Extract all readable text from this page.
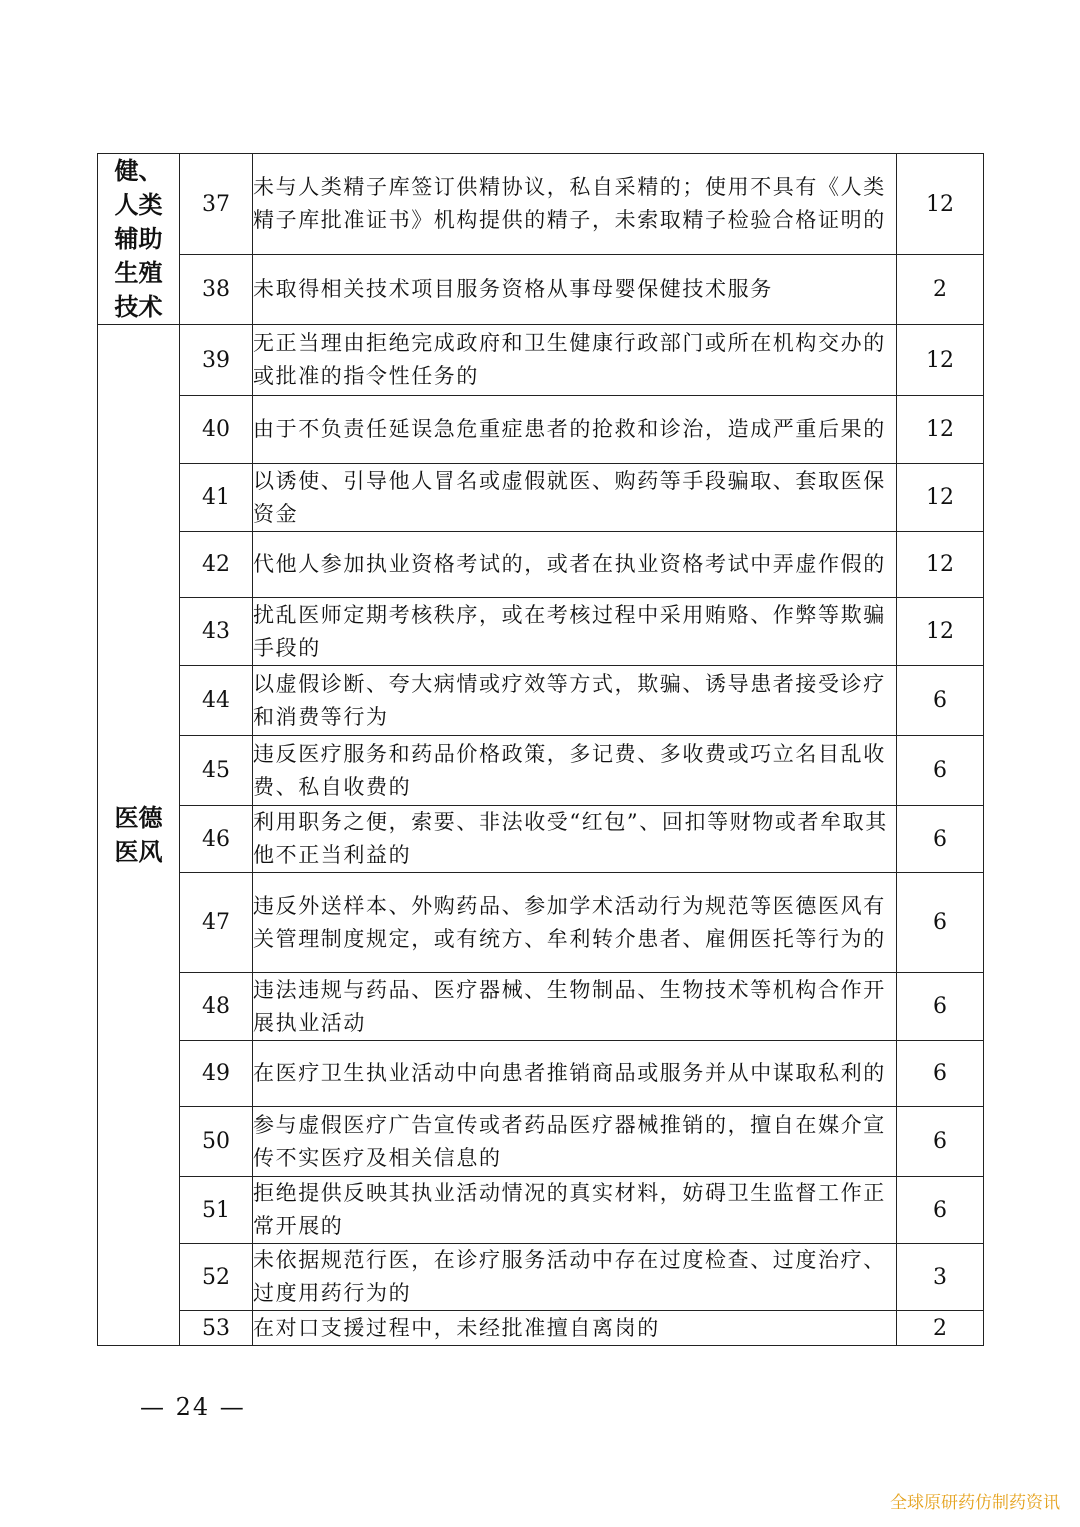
健、人类辅助生殖技术	37	未与人类精子库签订供精协议，私自采精的；使用不具有《人类精子库批准证书》机构提供的精子，未索取精子检验合格证明的	12
	38	未取得相关技术项目服务资格从事母婴保健技术服务	2
医德医风	39	无正当理由拒绝完成政府和卫生健康行政部门或所在机构交办的或批准的指令性任务的	12
	40	由于不负责任延误急危重症患者的抢救和诊治，造成严重后果的	12
	41	以诱使、引导他人冒名或虚假就医、购药等手段骗取、套取医保资金	12
	42	代他人参加执业资格考试的，或者在执业资格考试中弄虚作假的	12
	43	扰乱医师定期考核秩序，或在考核过程中采用贿赂、作弊等欺骗手段的	12
	44	以虚假诊断、夸大病情或疗效等方式，欺骗、诱导患者接受诊疗和消费等行为	6
	45	违反医疗服务和药品价格政策，多记费、多收费或巧立名目乱收费、私自收费的	6
	46	利用职务之便，索要、非法收受“红包”、回扣等财物或者牟取其他不正当利益的	6
	47	违反外送样本、外购药品、参加学术活动行为规范等医德医风有关管理制度规定，或有统方、牟利转介患者、雇佣医托等行为的	6
	48	违法违规与药品、医疗器械、生物制品、生物技术等机构合作开展执业活动	6
	49	在医疗卫生执业活动中向患者推销商品或服务并从中谋取私利的	6
	50	参与虚假医疗广告宣传或者药品医疗器械推销的，擅自在媒介宣传不实医疗及相关信息的	6
	51	拒绝提供反映其执业活动情况的真实材料，妨碍卫生监督工作正常开展的	6
	52	未依据规范行医，在诊疗服务活动中存在过度检查、过度治疗、过度用药行为的	3
	53	在对口支援过程中，未经批准擅自离岗的	2
— 24 —
全球原研药仿制药资讯
